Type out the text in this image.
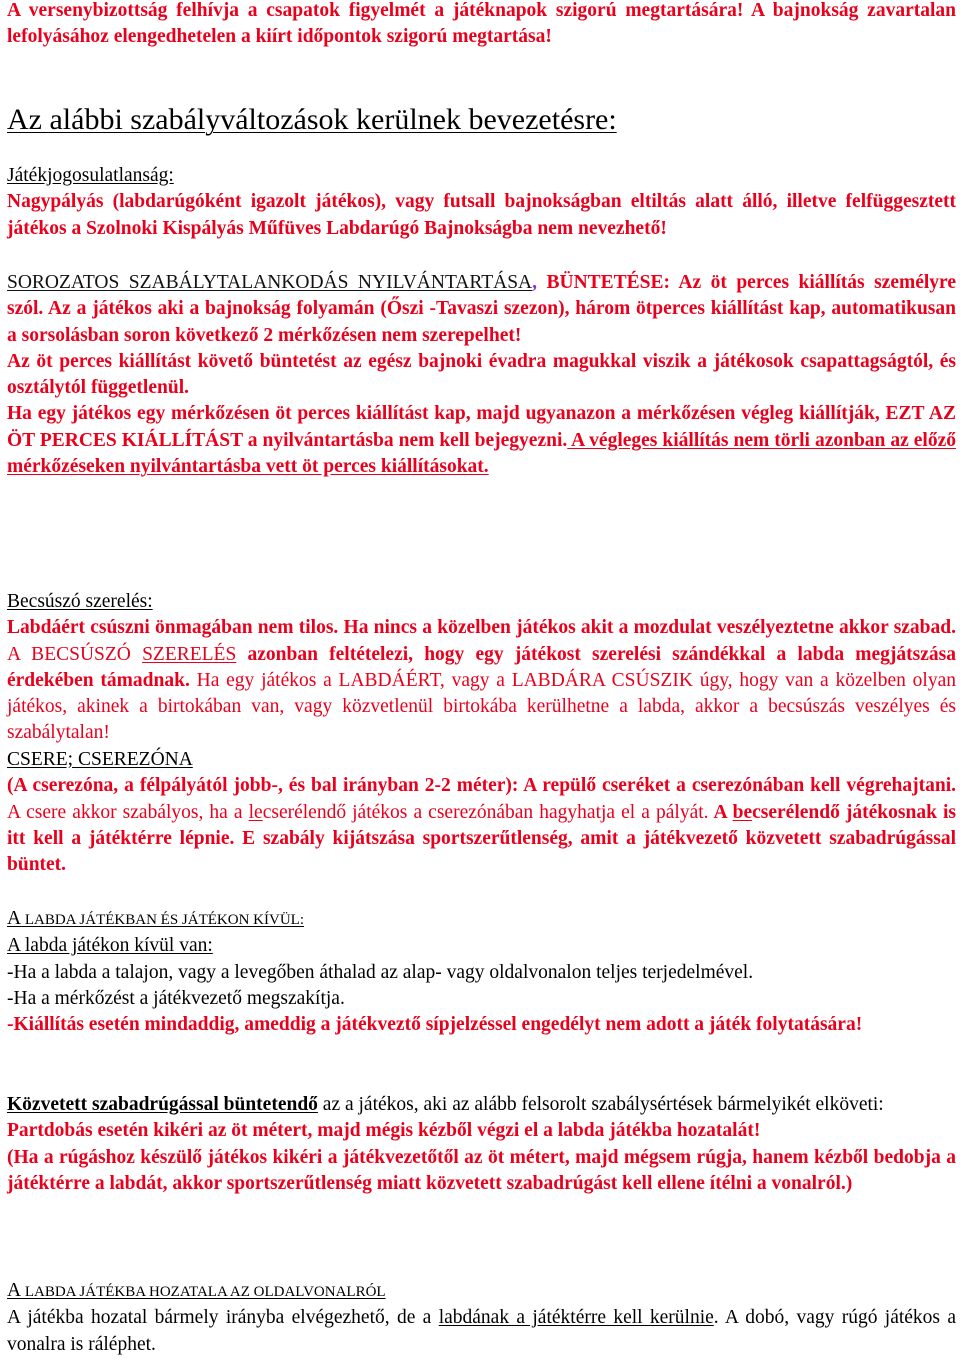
A versenybizottság felhívja a csapatok figyelmét a játéknapok szigorú megtartására! A bajnokság zavartalan lefolyásához elengedhetelen a kiírt időpontok szigorú megtartása!

Az alábbi szabályváltozások kerülnek bevezetésre:

Játékjogosulatlanság:

Nagypályás (labdarúgóként igazolt játékos), vagy futsall bajnokságban eltiltás alatt álló, illetve felfüggesztett játékos a Szolnoki Kispályás Műfüves Labdarúgó Bajnokságba nem nevezhető!

SOROZATOS SZABÁLYTALANKODÁS NYILVÁNTARTÁSA, BÜNTETÉSE: Az öt perces kiállítás személyre szól. Az a játékos aki a bajnokság folyamán (Őszi -Tavaszi szezon), három ötperces kiállítást kap, automatikusan a sorsolásban soron következő 2 mérkőzésen nem szerepelhet!

Az öt perces kiállítást követő büntetést az egész bajnoki évadra magukkal viszik a játékosok csapattagságtól, és osztálytól függetlenül.

Ha egy játékos egy mérkőzésen öt perces kiállítást kap, majd ugyanazon a mérkőzésen végleg kiállítják, EZT AZ ÖT PERCES KIÁLLÍTÁST a nyilvántartásba nem kell bejegyezni. A végleges kiállítás nem törli azonban az előző mérkőzéseken nyilvántartásba vett öt perces kiállításokat.

Becsúszó szerelés:

Labdáért csúszni önmagában nem tilos. Ha nincs a közelben játékos akit a mozdulat veszélyeztetne akkor szabad. A BECSÚSZÓ SZERELÉS azonban feltételezi, hogy egy játékost szerelési szándékkal a labda megjátszása érdekében támadnak. Ha egy játékos a LABDÁÉRT, vagy a LABDÁRA CSÚSZIK úgy, hogy van a közelben olyan játékos, akinek a birtokában van, vagy közvetlenül birtokába kerülhetne a labda, akkor a becsúszás veszélyes és szabálytalan!

CSERE; CSEREZÓNA

(A cserezóna, a félpályától jobb-, és bal irányban 2-2 méter): A repülő cseréket a cserezónában kell végrehajtani. A csere akkor szabályos, ha a lecserélendő játékos a cserezónában hagyhatja el a pályát. A becserélendő játékosnak is itt kell a játéktérre lépnie. E szabály kijátszása sportszerűtlenség, amit a játékvezető közvetett szabadrúgással büntet.

A LABDA JÁTÉKBAN ÉS JÁTÉKON KÍVÜL:

A labda játékon kívül van:

-Ha a labda a talajon, vagy a levegőben áthalad az alap- vagy oldalvonalon teljes terjedelmével.

-Ha a mérkőzést a játékvezető megszakítja.

-Kiállítás esetén mindaddig, ameddig a játékveztő sípjelzéssel engedélyt nem adott a játék folytatására!

Közvetett szabadrúgással büntetendő az a játékos, aki az alább felsorolt szabálysértések bármelyikét elköveti:

Partdobás esetén kikéri az öt métert, majd mégis kézből végzi el a labda játékba hozatalát!

(Ha a rúgáshoz készülő játékos kikéri a játékvezetőtől az öt métert, majd mégsem rúgja, hanem kézből bedobja a játéktérre a labdát, akkor sportszerűtlenség miatt közvetett szabadrúgást kell ellene ítélni a vonalról.)

A LABDA JÁTÉKBA HOZATALA AZ OLDALVONALRÓL

A játékba hozatal bármely irányba elvégezhető, de a labdának a játéktérre kell kerülnie. A dobó, vagy rúgó játékos a vonalra is ráléphet.
